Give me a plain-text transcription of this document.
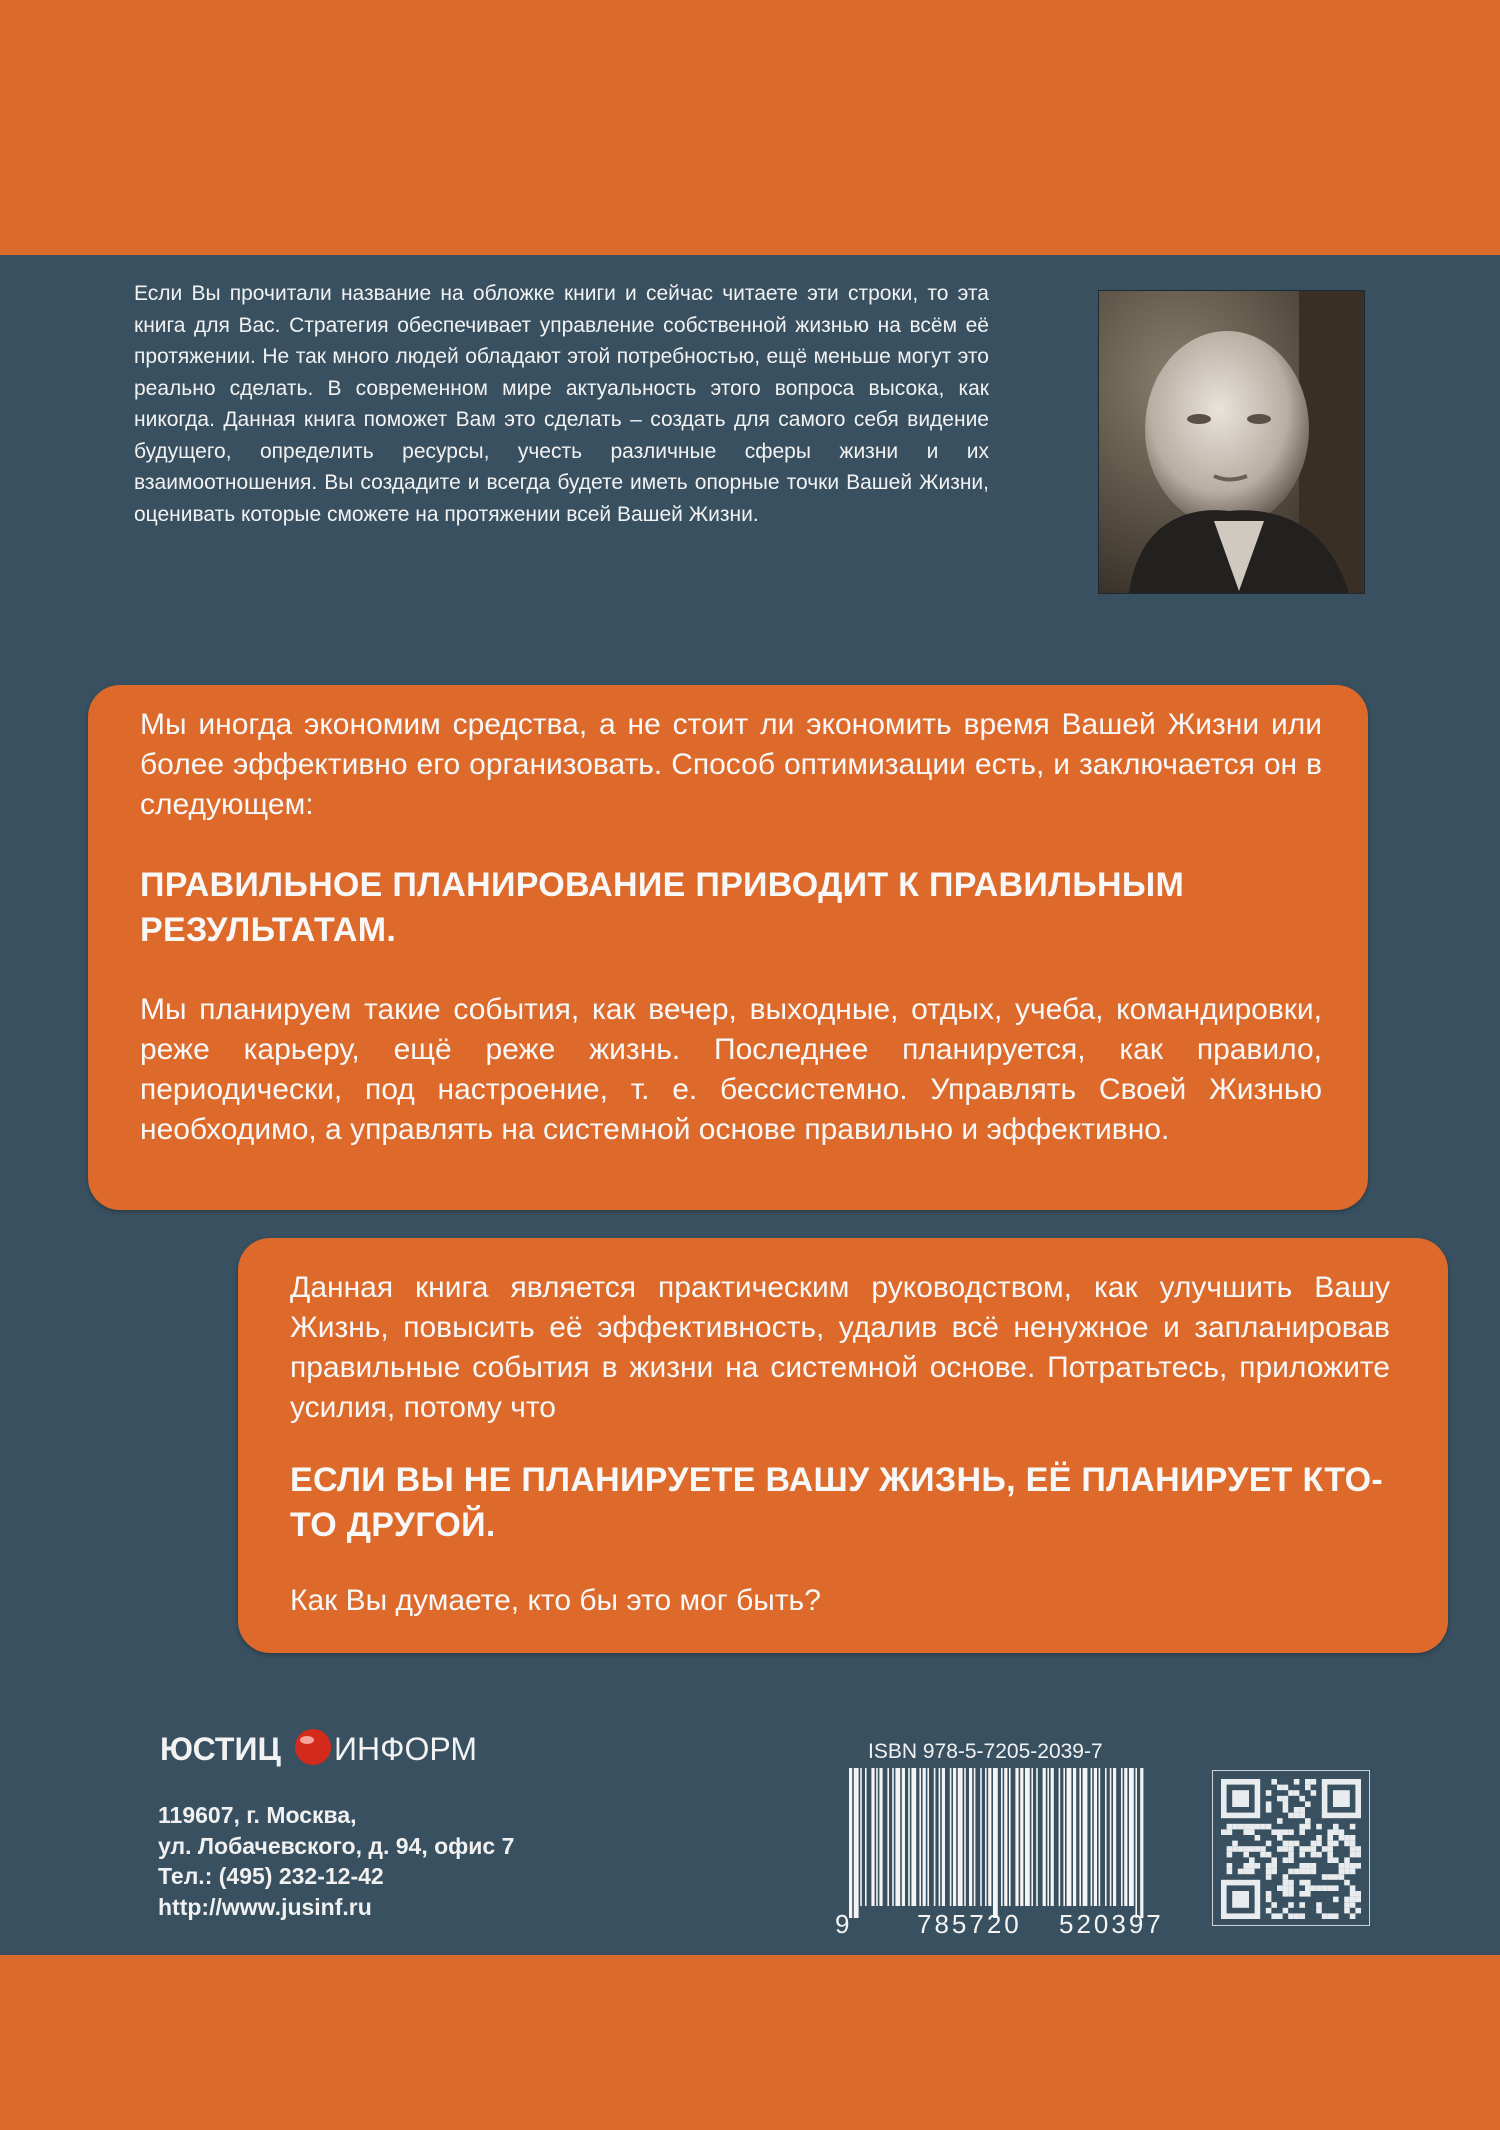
Если Вы прочитали название на обложке книги и сейчас читаете эти строки, то эта книга для Вас. Стратегия обеспечивает управление собственной жизнью на всём её протяжении. Не так много людей обладают этой потребностью, ещё меньше могут это реально сделать. В современном мире актуальность этого вопроса высока, как никогда. Данная книга поможет Вам это сделать – создать для самого себя видение будущего, определить ресурсы, учесть различные сферы жизни и их взаимоотношения. Вы создадите и всегда будете иметь опорные точки Вашей Жизни, оценивать которые сможете на протяжении всей Вашей Жизни.
Мы иногда экономим средства, а не стоит ли экономить время Вашей Жизни или более эффективно его организовать. Способ оптимизации есть, и заключается он в следующем:
ПРАВИЛЬНОЕ ПЛАНИРОВАНИЕ ПРИВОДИТ К ПРАВИЛЬНЫМ РЕЗУЛЬТАТАМ.
Мы планируем такие события, как вечер, выходные, отдых, учеба, командировки, реже карьеру, ещё реже жизнь. Последнее планируется, как правило, периодически, под настроение, т. е. бессистемно. Управлять Своей Жизнью необходимо, а управлять на системной основе правильно и эффективно.
Данная книга является практическим руководством, как улучшить Вашу Жизнь, повысить её эффективность, удалив всё ненужное и запланировав правильные события в жизни на системной основе. Потратьтесь, приложите усилия, потому что
ЕСЛИ ВЫ НЕ ПЛАНИРУЕТЕ ВАШУ ЖИЗНЬ, ЕЁ ПЛАНИРУЕТ КТО-ТО ДРУГОЙ.
Как Вы думаете, кто бы это мог быть?
ЮСТИЦ ИНФОРМ
119607, г. Москва,
ул. Лобачевского, д. 94, офис 7
Тел.: (495) 232-12-42
http://www.jusinf.ru
ISBN 978-5-7205-2039-7
9 785720 520397
